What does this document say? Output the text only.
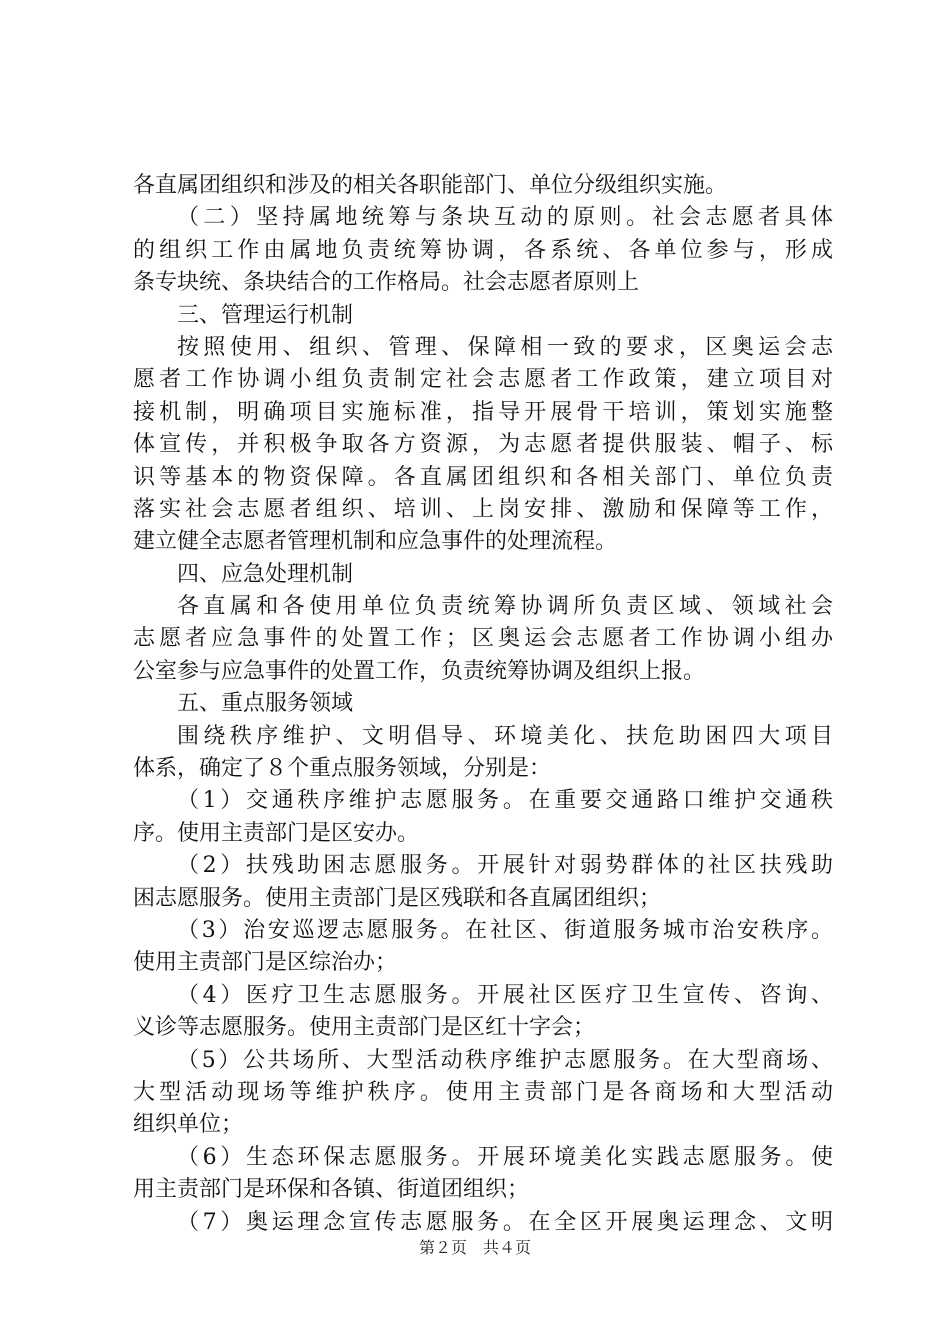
各直属团组织和涉及的相关各职能部门、单位分级组织实施。
（二）坚持属地统筹与条块互动的原则。社会志愿者具体
的组织工作由属地负责统筹协调，各系统、各单位参与，形成
条专块统、条块结合的工作格局。社会志愿者原则上
三、管理运行机制
按照使用、组织、管理、保障相一致的要求，区奥运会志
愿者工作协调小组负责制定社会志愿者工作政策，建立项目对
接机制，明确项目实施标准，指导开展骨干培训，策划实施整
体宣传，并积极争取各方资源，为志愿者提供服装、帽子、标
识等基本的物资保障。各直属团组织和各相关部门、单位负责
落实社会志愿者组织、培训、上岗安排、激励和保障等工作，
建立健全志愿者管理机制和应急事件的处理流程。
四、应急处理机制
各直属和各使用单位负责统筹协调所负责区域、领域社会
志愿者应急事件的处置工作；区奥运会志愿者工作协调小组办
公室参与应急事件的处置工作，负责统筹协调及组织上报。
五、重点服务领域
围绕秩序维护、文明倡导、环境美化、扶危助困四大项目
体系，确定了８个重点服务领域，分别是：
（1）交通秩序维护志愿服务。在重要交通路口维护交通秩
序。使用主责部门是区安办。
（2）扶残助困志愿服务。开展针对弱势群体的社区扶残助
困志愿服务。使用主责部门是区残联和各直属团组织；
（3）治安巡逻志愿服务。在社区、街道服务城市治安秩序。
使用主责部门是区综治办；
（4）医疗卫生志愿服务。开展社区医疗卫生宣传、咨询、
义诊等志愿服务。使用主责部门是区红十字会；
（5）公共场所、大型活动秩序维护志愿服务。在大型商场、
大型活动现场等维护秩序。使用主责部门是各商场和大型活动
组织单位；
（6）生态环保志愿服务。开展环境美化实践志愿服务。使
用主责部门是环保和各镇、街道团组织；
（7）奥运理念宣传志愿服务。在全区开展奥运理念、文明
第２页　共４页
